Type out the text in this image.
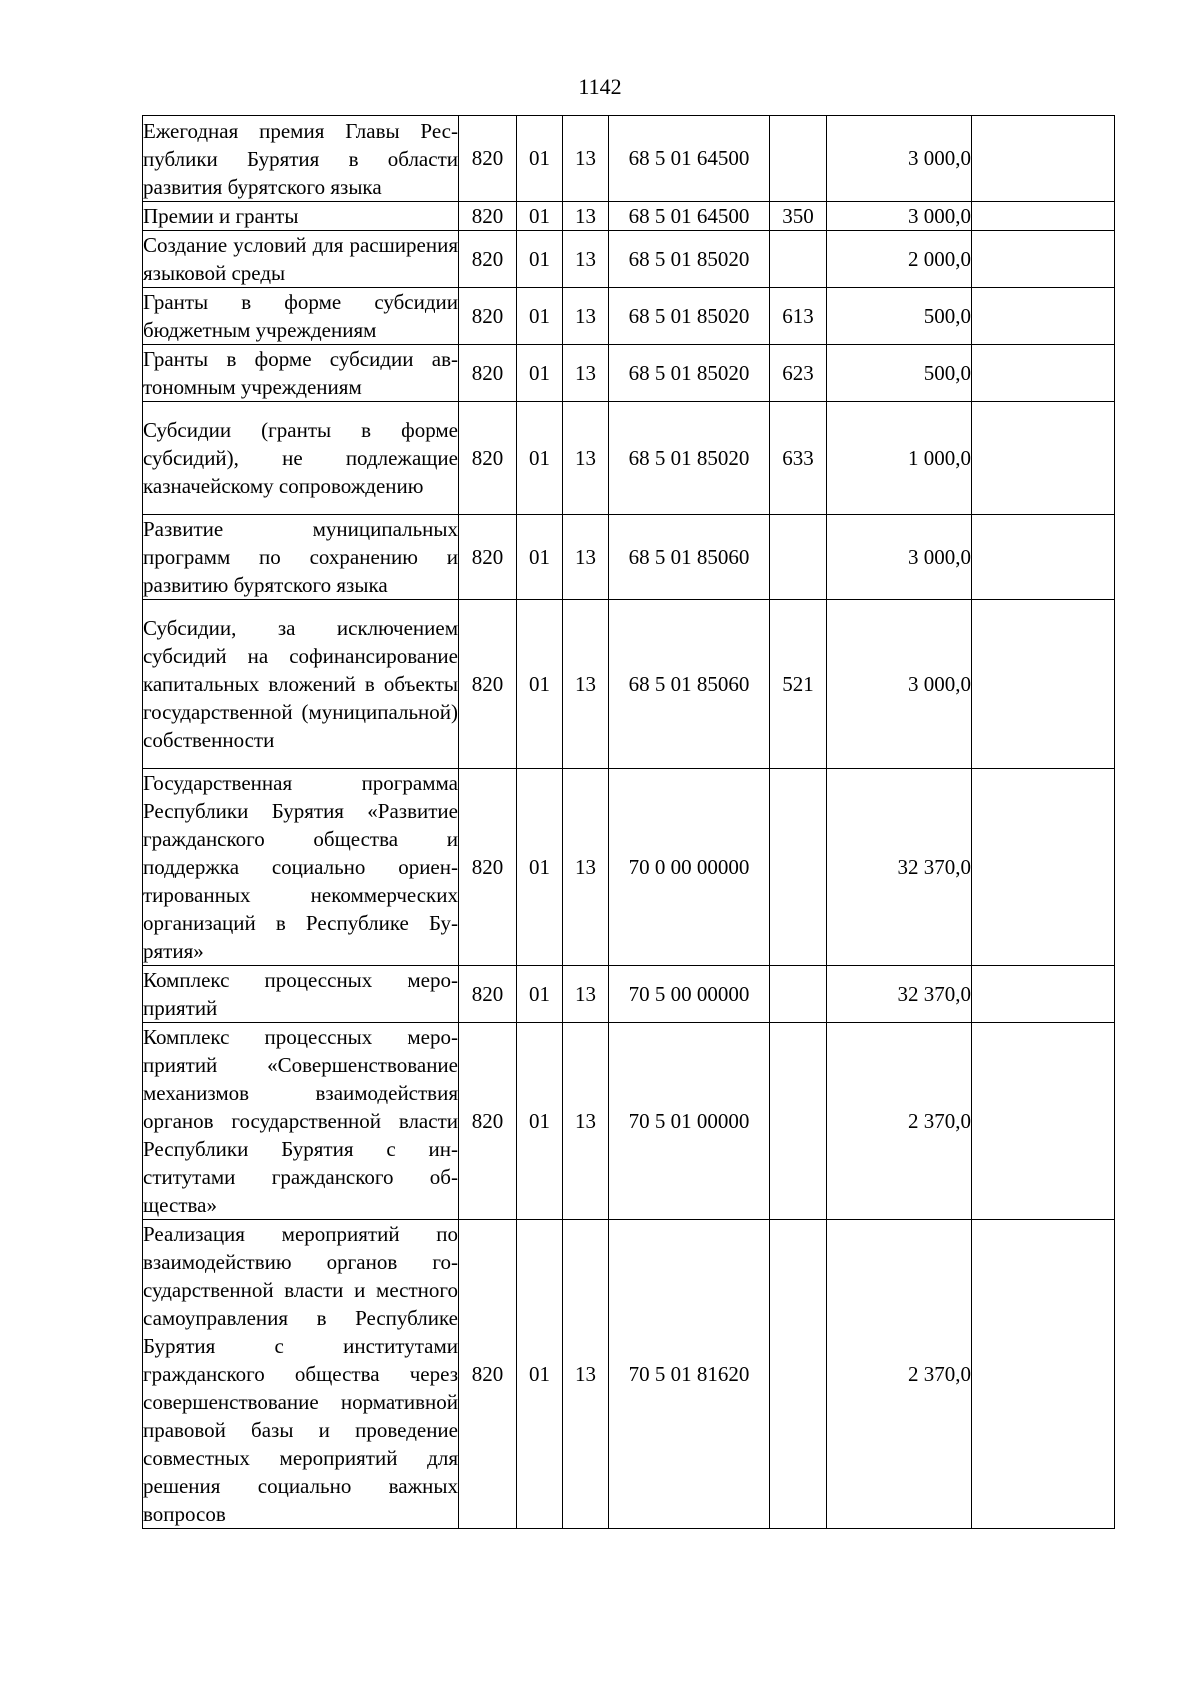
1142
Ежегодная премия Главы Республики Бурятия в области развития бурятского языка	820	01	13	68 5 01 64500		3 000,0	
Премии и гранты	820	01	13	68 5 01 64500	350	3 000,0	
Создание условий для расширения языковой среды	820	01	13	68 5 01 85020		2 000,0	
Гранты в форме субсидии бюджетным учреждениям	820	01	13	68 5 01 85020	613	500,0	
Гранты в форме субсидии автономным учреждениям	820	01	13	68 5 01 85020	623	500,0	
Субсидии (гранты в форме субсидий), не подлежащие казначейскому сопровождению	820	01	13	68 5 01 85020	633	1 000,0	
Развитие муниципальных программ по сохранению и развитию бурятского языка	820	01	13	68 5 01 85060		3 000,0	
Субсидии, за исключением субсидий на софинансирование капитальных вложений в объекты государственной (муниципальной) собственности	820	01	13	68 5 01 85060	521	3 000,0	
Государственная программа Республики Бурятия «Развитие гражданского общества и поддержка социально ориентированных некоммерческих организаций в Республике Бурятия»	820	01	13	70 0 00 00000		32 370,0	
Комплекс процессных мероприятий	820	01	13	70 5 00 00000		32 370,0	
Комплекс процессных мероприятий «Совершенствование механизмов взаимодействия органов государственной власти Республики Бурятия с институтами гражданского общества»	820	01	13	70 5 01 00000		2 370,0	
Реализация мероприятий по взаимодействию органов государственной власти и местного самоуправления в Республике Бурятия с институтами гражданского общества через совершенствование нормативной правовой базы и проведение совместных мероприятий для решения социально важных вопросов	820	01	13	70 5 01 81620		2 370,0	
